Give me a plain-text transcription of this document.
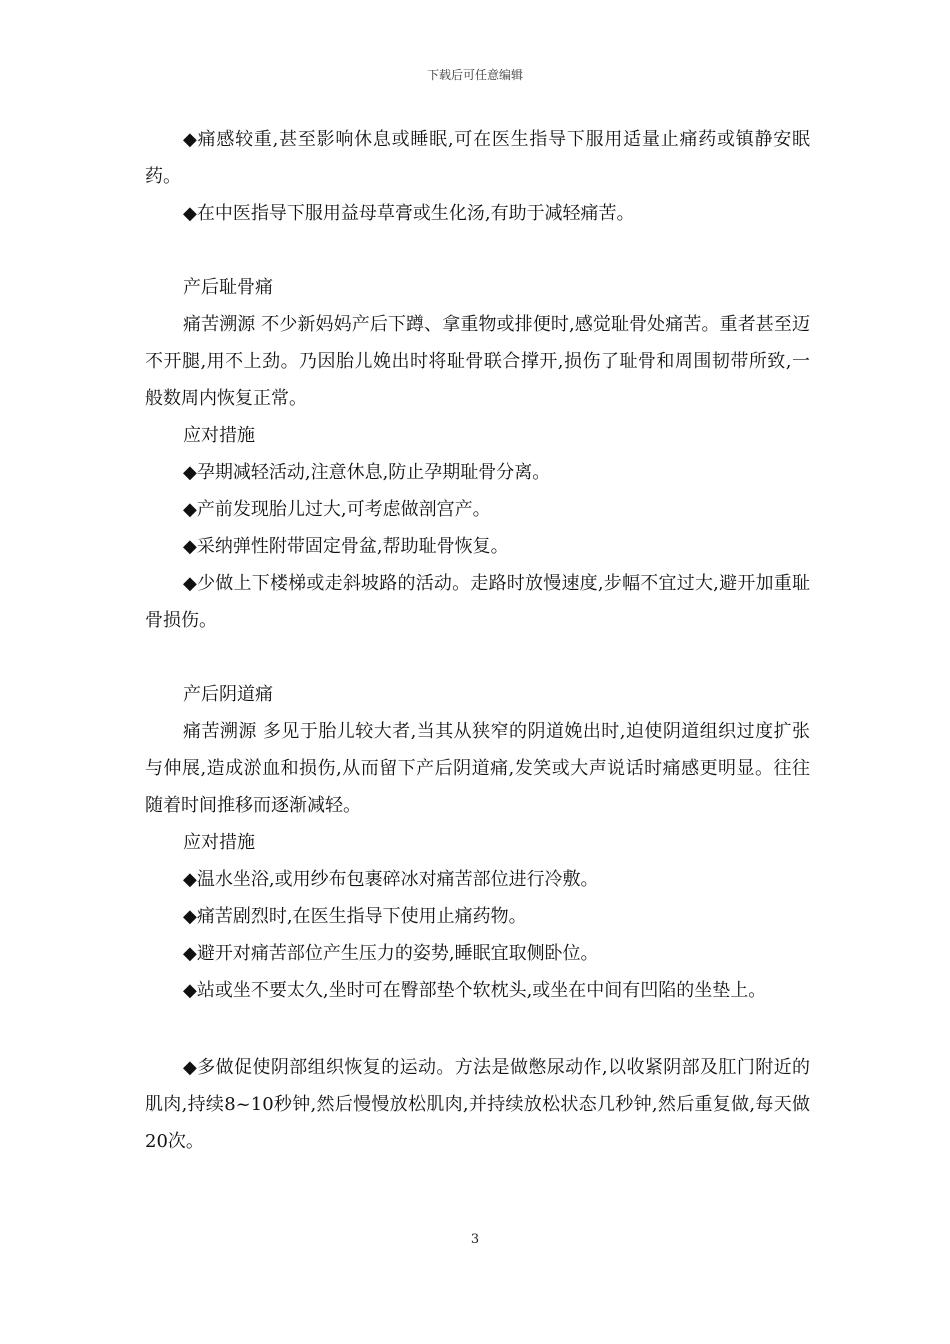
下载后可任意编辑

◆痛感较重,甚至影响休息或睡眠,可在医生指导下服用适量止痛药或镇静安眠药。

◆在中医指导下服用益母草膏或生化汤,有助于减轻痛苦。

产后耻骨痛

痛苦溯源 不少新妈妈产后下蹲、拿重物或排便时,感觉耻骨处痛苦。重者甚至迈不开腿,用不上劲。乃因胎儿娩出时将耻骨联合撑开,损伤了耻骨和周围韧带所致,一般数周内恢复正常。

应对措施

◆孕期减轻活动,注意休息,防止孕期耻骨分离。

◆产前发现胎儿过大,可考虑做剖宫产。

◆采纳弹性附带固定骨盆,帮助耻骨恢复。

◆少做上下楼梯或走斜坡路的活动。走路时放慢速度,步幅不宜过大,避开加重耻骨损伤。

产后阴道痛

痛苦溯源 多见于胎儿较大者,当其从狭窄的阴道娩出时,迫使阴道组织过度扩张与伸展,造成淤血和损伤,从而留下产后阴道痛,发笑或大声说话时痛感更明显。往往随着时间推移而逐渐减轻。

应对措施

◆温水坐浴,或用纱布包裹碎冰对痛苦部位进行冷敷。

◆痛苦剧烈时,在医生指导下使用止痛药物。

◆避开对痛苦部位产生压力的姿势,睡眠宜取侧卧位。

◆站或坐不要太久,坐时可在臀部垫个软枕头,或坐在中间有凹陷的坐垫上。

◆多做促使阴部组织恢复的运动。方法是做憋尿动作,以收紧阴部及肛门附近的肌肉,持续8~10秒钟,然后慢慢放松肌肉,并持续放松状态几秒钟,然后重复做,每天做20次。

3
